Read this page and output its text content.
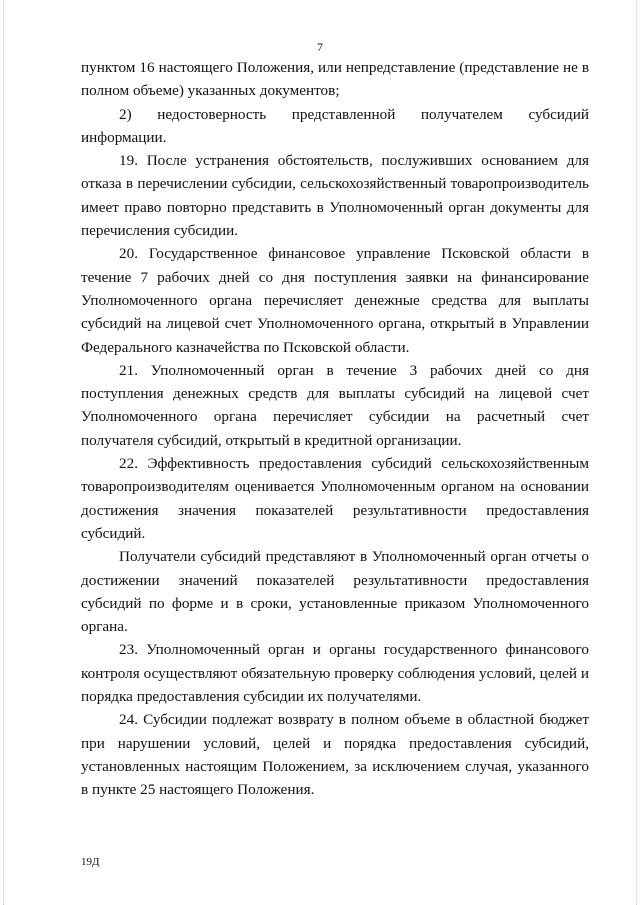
7

пунктом 16 настоящего Положения, или непредставление (представление не в полном объеме) указанных документов;

2) недостоверность представленной получателем субсидий информации.

19. После устранения обстоятельств, послуживших основанием для отказа в перечислении субсидии, сельскохозяйственный товаропроизводитель имеет право повторно представить в Уполномоченный орган документы для перечисления субсидии.

20. Государственное финансовое управление Псковской области в течение 7 рабочих дней со дня поступления заявки на финансирование Уполномоченного органа перечисляет денежные средства для выплаты субсидий на лицевой счет Уполномоченного органа, открытый в Управлении Федерального казначейства по Псковской области.

21. Уполномоченный орган в течение 3 рабочих дней со дня поступления денежных средств для выплаты субсидий на лицевой счет Уполномоченного органа перечисляет субсидии на расчетный счет получателя субсидий, открытый в кредитной организации.

22. Эффективность предоставления субсидий сельскохозяйственным товаропроизводителям оценивается Уполномоченным органом на основании достижения значения показателей результативности предоставления субсидий.

Получатели субсидий представляют в Уполномоченный орган отчеты о достижении значений показателей результативности предоставления субсидий по форме и в сроки, установленные приказом Уполномоченного органа.

23. Уполномоченный орган и органы государственного финансового контроля осуществляют обязательную проверку соблюдения условий, целей и порядка предоставления субсидии их получателями.

24. Субсидии подлежат возврату в полном объеме в областной бюджет при нарушении условий, целей и порядка предоставления субсидий, установленных настоящим Положением, за исключением случая, указанного в пункте 25 настоящего Положения.

19Д
